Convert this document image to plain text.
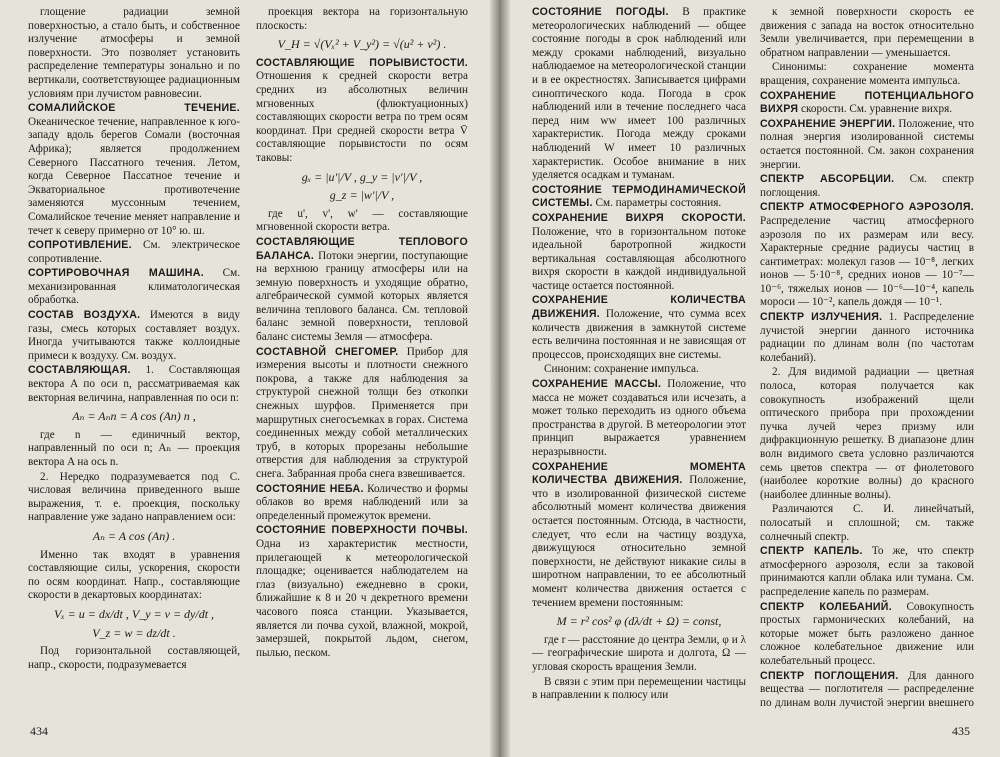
глощение радиации земной поверхностью, а стало быть, и собственное излучение атмосферы и земной поверхности. Это позволяет установить распределение температуры зонально и по вертикали, соответствующее радиационным условиям при лучистом равновесии.

СОМАЛИЙСКОЕ ТЕЧЕНИЕ. Океаническое течение, направленное к юго-западу вдоль берегов Сомали (восточная Африка); является продолжением Северного Пассатного течения. Летом, когда Северное Пассатное течение и Экваториальное противотечение заменяются муссонным течением, Сомалийское течение меняет направление и течет к северу примерно от 10° ю. ш.

СОПРОТИВЛЕНИЕ. См. электрическое сопротивление.

СОРТИРОВОЧНАЯ МАШИНА. См. механизированная климатологическая обработка.

СОСТАВ ВОЗДУХА. Имеются в виду газы, смесь которых составляет воздух. Иногда учитываются также коллоидные примеси к воздуху. См. воздух.

СОСТАВЛЯЮЩАЯ. 1. Составляющая вектора A по оси n, рассматриваемая как векторная величина, направленная по оси n:

Aₙ = Aₙn = A cos (An) n ,

где n — единичный вектор, направленный по оси n; Aₙ — проекция вектора A на ось n.

2. Нередко подразумевается под С. числовая величина приведенного выше выражения, т. е. проекция, поскольку направление уже задано направлением оси:

Aₙ = A cos (An) .

Именно так входят в уравнения составляющие силы, ускорения, скорости по осям координат. Напр., составляющие скорости в декартовых координатах:

Vₓ = u = dx/dt , V_y = v = dy/dt ,

V_z = w = dz/dt .

Под горизонтальной составляющей, напр., скорости, подразумевается

проекция вектора на горизонтальную плоскость:

V_H = √(Vₓ² + V_y²) = √(u² + v²) .

СОСТАВЛЯЮЩИЕ ПОРЫВИСТОСТИ. Отношения к средней скорости ветра средних из абсолютных величин мгновенных (флюктуационных) составляющих скорости ветра по трем осям координат. При средней скорости ветра V̄ составляющие порывистости по осям таковы:

gₓ = |u'|/V , g_y = |v'|/V ,

g_z = |w'|/V ,

где u', v', w' — составляющие мгновенной скорости ветра.

СОСТАВЛЯЮЩИЕ ТЕПЛОВОГО БАЛАНСА. Потоки энергии, поступающие на верхнюю границу атмосферы или на земную поверхность и уходящие обратно, алгебраической суммой которых является величина теплового баланса. См. тепловой баланс земной поверхности, тепловой баланс системы Земля — атмосфера.

СОСТАВНОЙ СНЕГОМЕР. Прибор для измерения высоты и плотности снежного покрова, а также для наблюдения за структурой снежной толщи без откопки снежных шурфов. Применяется при маршрутных снегосъемках в горах. Система соединенных между собой металлических труб, в которых прорезаны небольшие отверстия для наблюдения за структурой снега. Забранная проба снега взвешивается.

СОСТОЯНИЕ НЕБА. Количество и формы облаков во время наблюдений или за определенный промежуток времени.

СОСТОЯНИЕ ПОВЕРХНОСТИ ПОЧВЫ. Одна из характеристик местности, прилегающей к метеорологической площадке; оценивается наблюдателем на глаз (визуально) ежедневно в сроки, ближайшие к 8 и 20 ч декретного времени часового пояса станции. Указывается, является ли почва сухой, влажной, мокрой, замерзшей, покрытой льдом, снегом, пылью, песком.

434

СОСТОЯНИЕ ПОГОДЫ. В практике метеорологических наблюдений — общее состояние погоды в срок наблюдений или между сроками наблюдений, визуально наблюдаемое на метеорологической станции и в ее окрестностях. Записывается цифрами синоптического кода. Погода в срок наблюдений или в течение последнего часа перед ним ww имеет 100 различных характеристик. Погода между сроками наблюдений W имеет 10 различных характеристик. Особое внимание в них уделяется осадкам и туманам.

СОСТОЯНИЕ ТЕРМОДИНАМИЧЕСКОЙ СИСТЕМЫ. См. параметры состояния.

СОХРАНЕНИЕ ВИХРЯ СКОРОСТИ. Положение, что в горизонтальном потоке идеальной баротропной жидкости вертикальная составляющая абсолютного вихря скорости в каждой индивидуальной частице остается постоянной.

СОХРАНЕНИЕ КОЛИЧЕСТВА ДВИЖЕНИЯ. Положение, что сумма всех количеств движения в замкнутой системе есть величина постоянная и не зависящая от процессов, происходящих вне системы.

Синоним: сохранение импульса.

СОХРАНЕНИЕ МАССЫ. Положение, что масса не может создаваться или исчезать, а может только переходить из одного объема пространства в другой. В метеорологии этот принцип выражается уравнением неразрывности.

СОХРАНЕНИЕ МОМЕНТА КОЛИЧЕСТВА ДВИЖЕНИЯ. Положение, что в изолированной физической системе абсолютный момент количества движения остается постоянным. Отсюда, в частности, следует, что если на частицу воздуха, движущуюся относительно земной поверхности, не действуют никакие силы в широтном направлении, то ее абсолютный момент количества движения остается с течением времени постоянным:

M = r² cos² φ (dλ/dt + Ω) = const,

где r — расстояние до центра Земли, φ и λ — географические широта и долгота, Ω — угловая скорость вращения Земли.

В связи с этим при перемещении частицы в направлении к полюсу или

к земной поверхности скорость ее движения с запада на восток относительно Земли увеличивается, при перемещении в обратном направлении — уменьшается.

Синонимы: сохранение момента вращения, сохранение момента импульса.

СОХРАНЕНИЕ ПОТЕНЦИАЛЬНОГО ВИХРЯ скорости. См. уравнение вихря.

СОХРАНЕНИЕ ЭНЕРГИИ. Положение, что полная энергия изолированной системы остается постоянной. См. закон сохранения энергии.

СПЕКТР АБСОРБЦИИ. См. спектр поглощения.

СПЕКТР АТМОСФЕРНОГО АЭРОЗОЛЯ. Распределение частиц атмосферного аэрозоля по их размерам или весу. Характерные средние радиусы частиц в сантиметрах: молекул газов — 10⁻⁸, легких ионов — 5·10⁻⁸, средних ионов — 10⁻⁷—10⁻⁶, тяжелых ионов — 10⁻⁶—10⁻⁴, капель мороси — 10⁻², капель дождя — 10⁻¹.

СПЕКТР ИЗЛУЧЕНИЯ. 1. Распределение лучистой энергии данного источника радиации по длинам волн (по частотам колебаний).

2. Для видимой радиации — цветная полоса, которая получается как совокупность изображений щели оптического прибора при прохождении пучка лучей через призму или дифракционную решетку. В диапазоне длин волн видимого света условно различаются семь цветов спектра — от фиолетового (наиболее короткие волны) до красного (наиболее длинные волны).

Различаются С. И. линейчатый, полосатый и сплошной; см. также солнечный спектр.

СПЕКТР КАПЕЛЬ. То же, что спектр атмосферного аэрозоля, если за таковой принимаются капли облака или тумана. См. распределение капель по размерам.

СПЕКТР КОЛЕБАНИЙ. Совокупность простых гармонических колебаний, на которые может быть разложено данное сложное колебательное движение или колебательный процесс.

СПЕКТР ПОГЛОЩЕНИЯ. Для данного вещества — поглотителя — распределение по длинам волн лучистой энергии внешнего

435
